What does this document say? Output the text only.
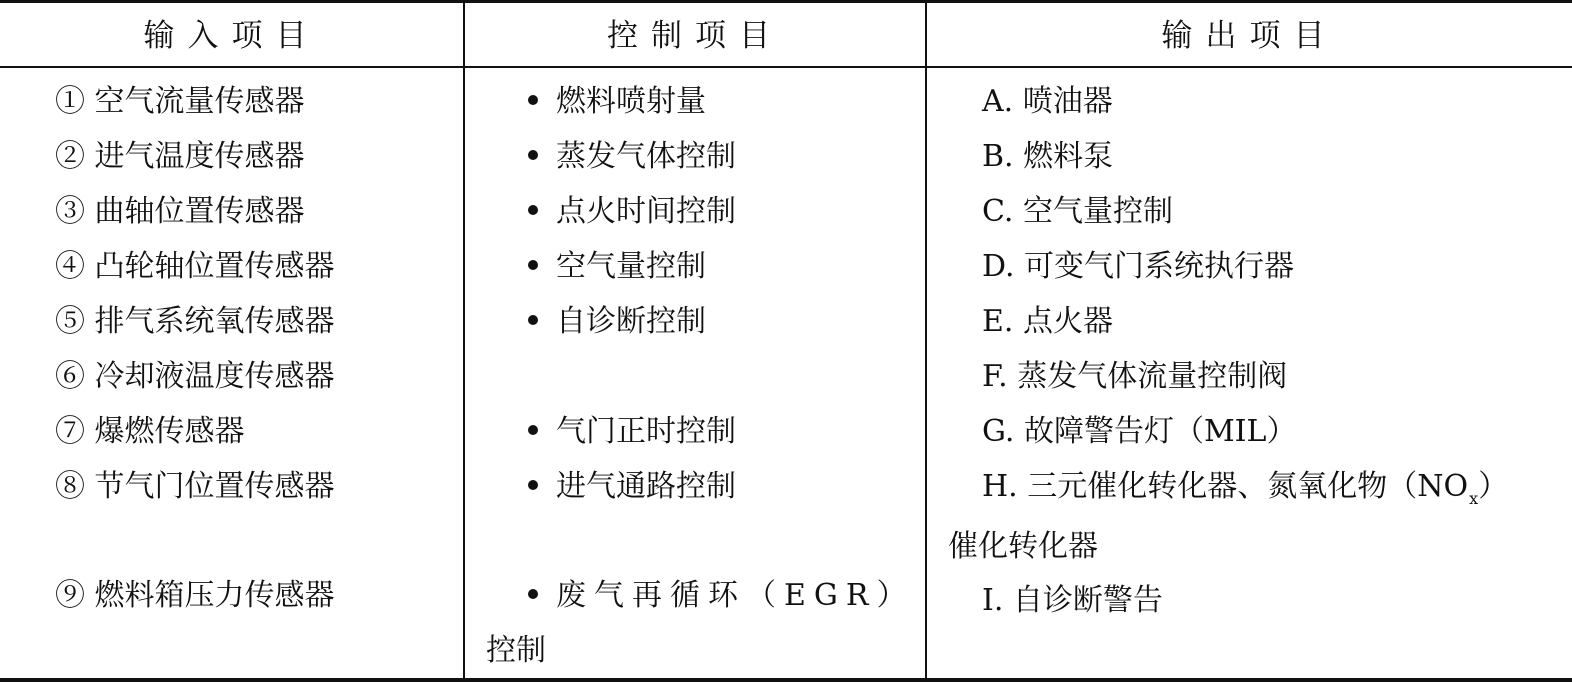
输入项目	控制项目	输出项目
① 空气流量传感器
② 进气温度传感器
③ 曲轴位置传感器
④ 凸轮轴位置传感器
⑤ 排气系统氧传感器
⑥ 冷却液温度传感器
⑦ 爆燃传感器
⑧ 节气门位置传感器
⑨ 燃料箱压力传感器
燃料喷射量
蒸发气体控制
点火时间控制
空气量控制
自诊断控制
气门正时控制
进气通路控制
废气再循环（EGR）
控制
A. 喷油器
B. 燃料泵
C. 空气量控制
D. 可变气门系统执行器
E. 点火器
F. 蒸发气体流量控制阀
G. 故障警告灯（MIL）
H. 三元催化转化器、氮氧化物$(NO_x)$
催化转化器
I. 自诊断警告
